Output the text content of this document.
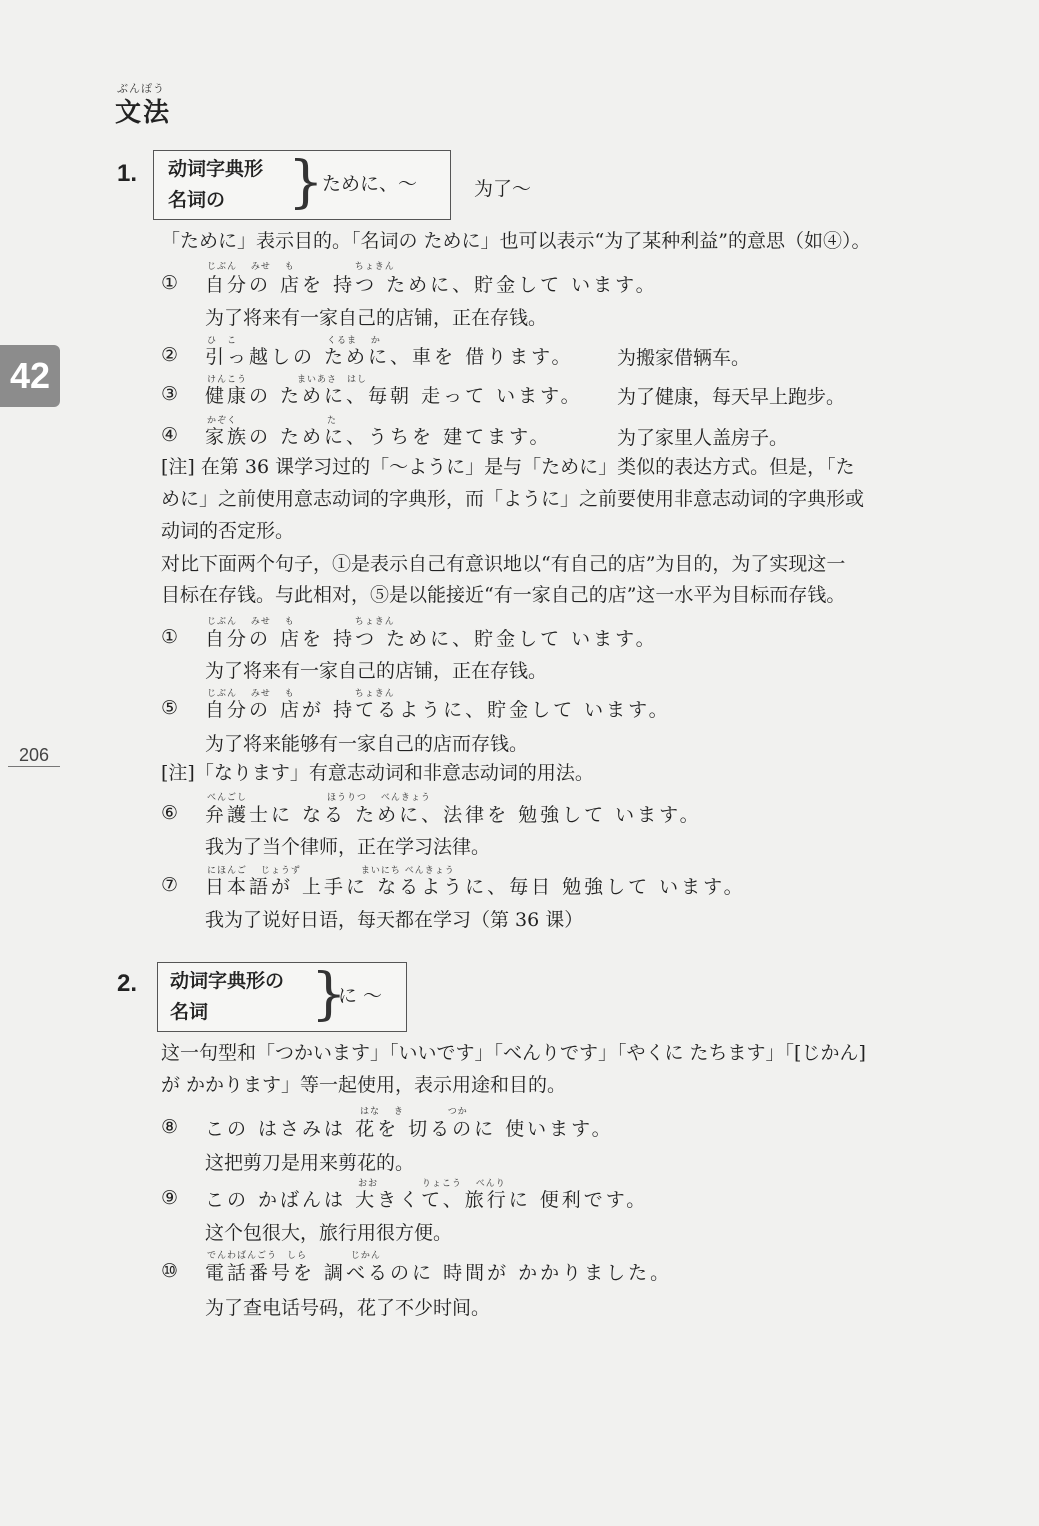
ぶんぽう
文法
42
206
1. 动词字典形
名词の }
ために、～	为了～
「ために」表示目的。「名词の ために」也可以表示“为了某种利益”的意思（如④）。
①
じぶん　 みせ　 も　　　　　　ちょきん
自分の 店を 持つ ために、貯金して います。
为了将来有一家自己的店铺，正在存钱。
②
ひ　こ　　　　　　　　　くるま　 か
引っ越しの ために、車を 借ります。 为搬家借辆车。
③
けんこう　　　　　まいあさ　はし
健康の ために、毎朝 走って います。 为了健康，每天早上跑步。
④
かぞく　　　　　　　　　た
家族の ために、うちを 建てます。	为了家里人盖房子。
[注] 在第 36 课学习过的「～ように」是与「ために」类似的表达方式。但是，「た
めに」之前使用意志动词的字典形，而「ように」之前要使用非意志动词的字典形或
动词的否定形。
对比下面两个句子，①是表示自己有意识地以“有自己的店”为目的，为了实现这一
目标在存钱。与此相对，⑤是以能接近“有一家自己的店”这一水平为目标而存钱。
①
じぶん　 みせ　 も　　　　　　ちょきん
自分の 店を 持つ ために、貯金して います。
为了将来有一家自己的店铺，正在存钱。
⑤
じぶん　 みせ　 も　　　　　　ちょきん
自分の 店が 持てるように、貯金して います。
为了将来能够有一家自己的店而存钱。
[注]「なります」有意志动词和非意志动词的用法。
⑥
べんごし　　　　　　　　ほうりつ　 べんきょう
弁護士に なる ために、法律を 勉強して います。
我为了当个律师，正在学习法律。
⑦
にほんご　 じょうず　　　　　　まいにち べんきょう
日本語が 上手に なるように、毎日 勉強して います。
我为了说好日语，每天都在学习（第 36 课）
2. 动词字典形の
名词 }
に ～
这一句型和「つかいます」「いいです」「べんりです」「やくに たちます」「[じかん]
が かかります」等一起使用，表示用途和目的。
⑧
はな　 き　　　　 つか
この はさみは 花を 切るのに 使います。
这把剪刀是用来剪花的。
⑨
おお　　　　 りょこう　 べんり
この かばんは 大きくて、旅行に 便利です。
这个包很大，旅行用很方便。
⑩
でんわばんごう　しら　　　　 じかん
電話番号を 調べるのに 時間が かかりました。
为了查电话号码，花了不少时间。
